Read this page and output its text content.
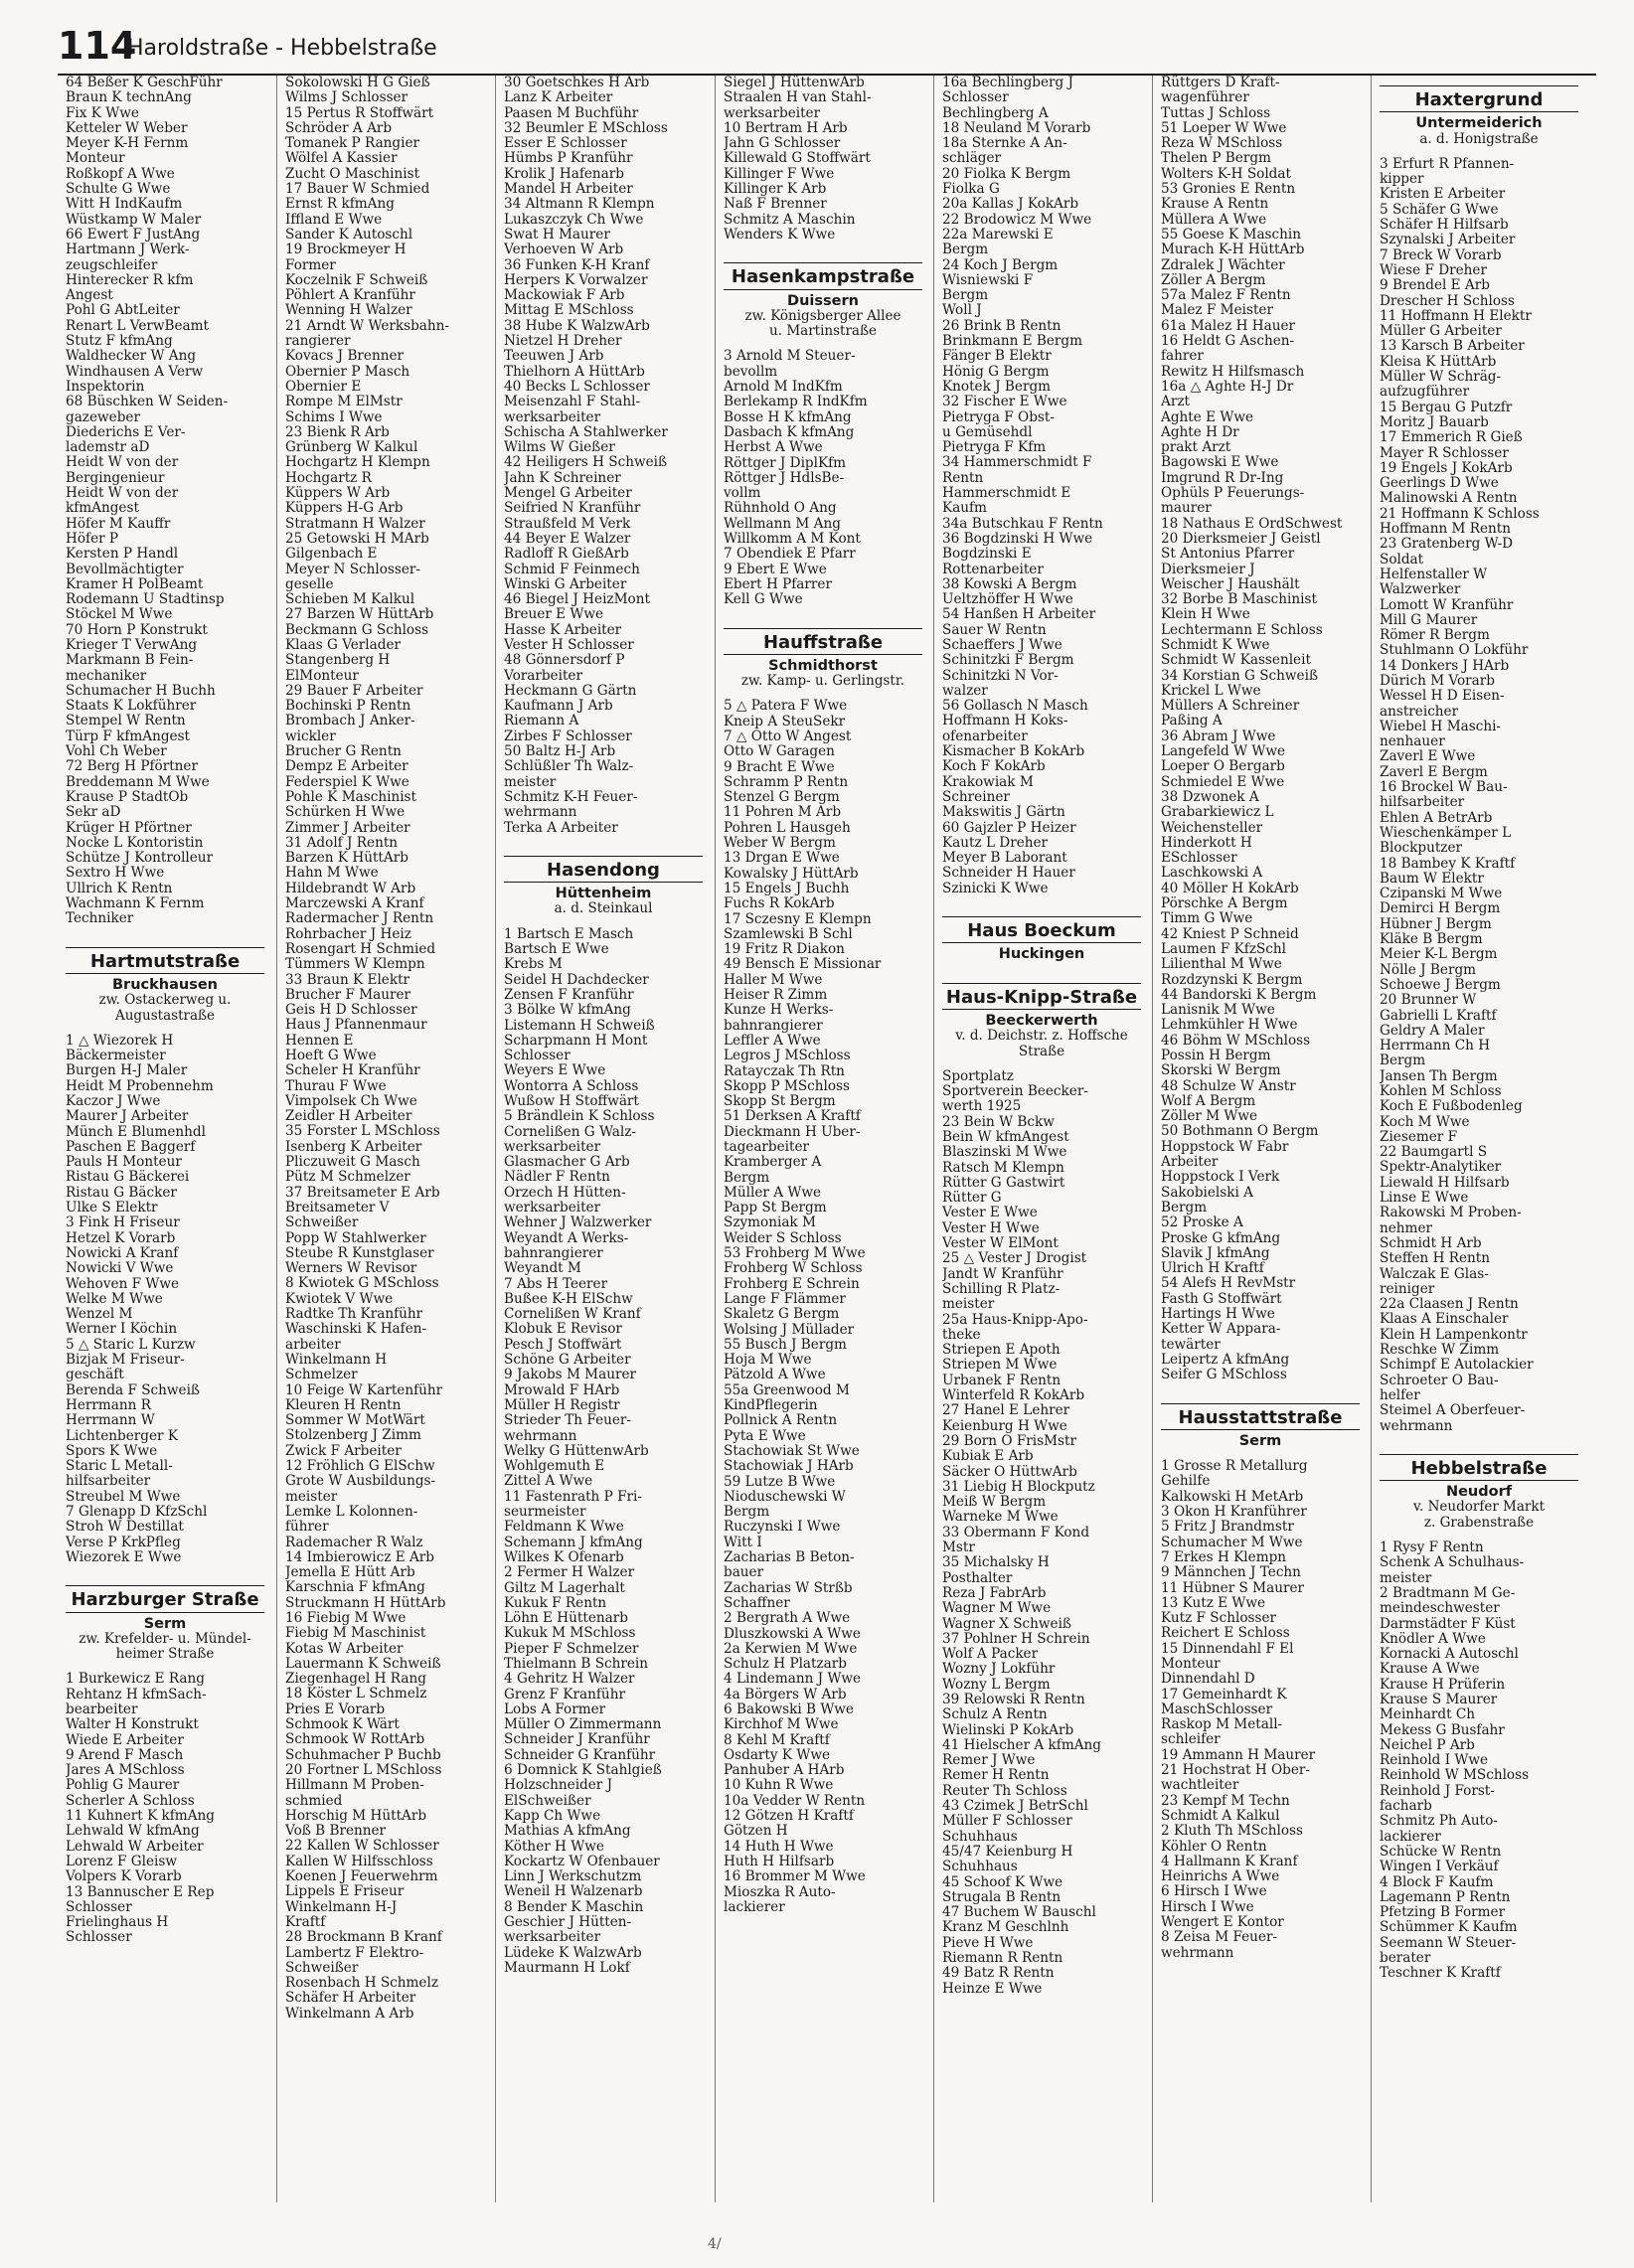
114
Haroldstraße - Hebbelstraße
64 Beßer K GeschFühr
Braun K technAng
Fix K Wwe
Ketteler W Weber
Meyer K-H Fernm
Monteur
Roßkopf A Wwe
Schulte G Wwe
Witt H IndKaufm
Wüstkamp W Maler
66 Ewert F JustAng
Hartmann J Werk-
zeugschleifer
Hinterecker R kfm
Angest
Pohl G AbtLeiter
Renart L VerwBeamt
Stutz F kfmAng
Waldhecker W Ang
Windhausen A Verw
Inspektorin
68 Büschken W Seiden-
gazeweber
Diederichs E Ver-
lademstr aD
Heidt W von der
Bergingenieur
Heidt W von der
kfmAngest
Höfer M Kauffr
Höfer P
Kersten P Handl
Bevollmächtigter
Kramer H PolBeamt
Rodemann U Stadtinsp
Stöckel M Wwe
70 Horn P Konstrukt
Krieger T VerwAng
Markmann B Fein-
mechaniker
Schumacher H Buchh
Staats K Lokführer
Stempel W Rentn
Türp F kfmAngest
Vohl Ch Weber
72 Berg H Pförtner
Breddemann M Wwe
Krause P StadtOb
Sekr aD
Krüger H Pförtner
Nocke L Kontoristin
Schütze J Kontrolleur
Sextro H Wwe
Ullrich K Rentn
Wachmann K Fernm
Techniker
Hartmutstraße
Bruckhausen
zw. Ostackerweg u.
Augustastraße
1 △ Wiezorek H
Bäckermeister
Burgen H-J Maler
Heidt M Probennehm
Kaczor J Wwe
Maurer J Arbeiter
Münch E Blumenhdl
Paschen E Baggerf
Pauls H Monteur
Ristau G Bäckerei
Ristau G Bäcker
Ulke S Elektr
3 Fink H Friseur
Hetzel K Vorarb
Nowicki A Kranf
Nowicki V Wwe
Wehoven F Wwe
Welke M Wwe
Wenzel M
Werner I Köchin
5 △ Staric L Kurzw
Bizjak M Friseur-
geschäft
Berenda F Schweiß
Herrmann R
Herrmann W
Lichtenberger K
Spors K Wwe
Staric L Metall-
hilfsarbeiter
Streubel M Wwe
7 Glenapp D KfzSchl
Stroh W Destillat
Verse P KrkPfleg
Wiezorek E Wwe
Harzburger Straße
Serm
zw. Krefelder- u. Mündel-
heimer Straße
1 Burkewicz E Rang
Rehtanz H kfmSach-
bearbeiter
Walter H Konstrukt
Wiede E Arbeiter
9 Arend F Masch
Jares A MSchloss
Pohlig G Maurer
Scherler A Schloss
11 Kuhnert K kfmAng
Lehwald W kfmAng
Lehwald W Arbeiter
Lorenz F Gleisw
Volpers K Vorarb
13 Bannuscher E Rep
Schlosser
Frielinghaus H
Schlosser
Sokolowski H G Gieß
Wilms J Schlosser
15 Pertus R Stoffwärt
Schröder A Arb
Tomanek P Rangier
Wölfel A Kassier
Zucht O Maschinist
17 Bauer W Schmied
Ernst R kfmAng
Iffland E Wwe
Sander K Autoschl
19 Brockmeyer H
Former
Koczelnik F Schweiß
Pöhlert A Kranführ
Wenning H Walzer
21 Arndt W Werksbahn-
rangierer
Kovacs J Brenner
Obernier P Masch
Obernier E
Rompe M ElMstr
Schims I Wwe
23 Bienk R Arb
Grünberg W Kalkul
Hochgartz H Klempn
Hochgartz R
Küppers W Arb
Küppers H-G Arb
Stratmann H Walzer
25 Getowski H MArb
Gilgenbach E
Meyer N Schlosser-
geselle
Schieben M Kalkul
27 Barzen W HüttArb
Beckmann G Schloss
Klaas G Verlader
Stangenberg H
ElMonteur
29 Bauer F Arbeiter
Bochinski P Rentn
Brombach J Anker-
wickler
Brucher G Rentn
Dempz E Arbeiter
Federspiel K Wwe
Pohle K Maschinist
Schürken H Wwe
Zimmer J Arbeiter
31 Adolf J Rentn
Barzen K HüttArb
Hahn M Wwe
Hildebrandt W Arb
Marczewski A Kranf
Radermacher J Rentn
Rohrbacher J Heiz
Rosengart H Schmied
Tümmers W Klempn
33 Braun K Elektr
Brucher F Maurer
Geis H D Schlosser
Haus J Pfannenmaur
Hennen E
Hoeft G Wwe
Scheler H Kranführ
Thurau F Wwe
Vimpolsek Ch Wwe
Zeidler H Arbeiter
35 Forster L MSchloss
Isenberg K Arbeiter
Pliczuweit G Masch
Pütz M Schmelzer
37 Breitsameter E Arb
Breitsameter V
Schweißer
Popp W Stahlwerker
Steube R Kunstglaser
Werners W Revisor
8 Kwiotek G MSchloss
Kwiotek V Wwe
Radtke Th Kranführ
Waschinski K Hafen-
arbeiter
Winkelmann H
Schmelzer
10 Feige W Kartenführ
Kleuren H Rentn
Sommer W MotWärt
Stolzenberg J Zimm
Zwick F Arbeiter
12 Fröhlich G ElSchw
Grote W Ausbildungs-
meister
Lemke L Kolonnen-
führer
Rademacher R Walz
14 Imbierowicz E Arb
Jemella E Hütt Arb
Karschnia F kfmAng
Struckmann H HüttArb
16 Fiebig M Wwe
Fiebig M Maschinist
Kotas W Arbeiter
Lauermann K Schweiß
Ziegenhagel H Rang
18 Köster L Schmelz
Pries E Vorarb
Schmook K Wärt
Schmook W RottArb
Schuhmacher P Buchb
20 Fortner L MSchloss
Hillmann M Proben-
schmied
Horschig M HüttArb
Voß B Brenner
22 Kallen W Schlosser
Kallen W Hilfsschloss
Koenen J Feuerwehrm
Lippels E Friseur
Winkelmann H-J
Kraftf
28 Brockmann B Kranf
Lambertz F Elektro-
Schweißer
Rosenbach H Schmelz
Schäfer H Arbeiter
Winkelmann A Arb
30 Goetschkes H Arb
Lanz K Arbeiter
Paasen M Buchführ
32 Beumler E MSchloss
Esser E Schlosser
Hümbs P Kranführ
Krolik J Hafenarb
Mandel H Arbeiter
34 Altmann R Klempn
Lukaszczyk Ch Wwe
Swat H Maurer
Verhoeven W Arb
36 Funken K-H Kranf
Herpers K Vorwalzer
Mackowiak F Arb
Mittag E MSchloss
38 Hube K WalzwArb
Nietzel H Dreher
Teeuwen J Arb
Thielhorn A HüttArb
40 Becks L Schlosser
Meisenzahl F Stahl-
werksarbeiter
Schischa A Stahlwerker
Wilms W Gießer
42 Heiligers H Schweiß
Jahn K Schreiner
Mengel G Arbeiter
Seifried N Kranführ
Straußfeld M Verk
44 Beyer E Walzer
Radloff R GießArb
Schmid F Feinmech
Winski G Arbeiter
46 Biegel J HeizMont
Breuer E Wwe
Hasse K Arbeiter
Vester H Schlosser
48 Gönnersdorf P
Vorarbeiter
Heckmann G Gärtn
Kaufmann J Arb
Riemann A
Zirbes F Schlosser
50 Baltz H-J Arb
Schlüßler Th Walz-
meister
Schmitz K-H Feuer-
wehrmann
Terka A Arbeiter
Hasendong
Hüttenheim
a. d. Steinkaul
1 Bartsch E Masch
Bartsch E Wwe
Krebs M
Seidel H Dachdecker
Zensen F Kranführ
3 Bölke W kfmAng
Listemann H Schweiß
Scharpmann H Mont
Schlosser
Weyers E Wwe
Wontorra A Schloss
Wußow H Stoffwärt
5 Brändlein K Schloss
Cornelißen G Walz-
werksarbeiter
Glasmacher G Arb
Nädler F Rentn
Orzech H Hütten-
werksarbeiter
Wehner J Walzwerker
Weyandt A Werks-
bahnrangierer
Weyandt M
7 Abs H Teerer
Bußee K-H ElSchw
Cornelißen W Kranf
Klobuk E Revisor
Pesch J Stoffwärt
Schöne G Arbeiter
9 Jakobs M Maurer
Mrowald F HArb
Müller H Registr
Strieder Th Feuer-
wehrmann
Welky G HüttenwArb
Wohlgemuth E
Zittel A Wwe
11 Fastenrath P Fri-
seurmeister
Feldmann K Wwe
Schemann J kfmAng
Wilkes K Ofenarb
2 Fermer H Walzer
Giltz M Lagerhalt
Kukuk F Rentn
Löhn E Hüttenarb
Kukuk M MSchloss
Pieper F Schmelzer
Thielmann B Schrein
4 Gehritz H Walzer
Grenz F Kranführ
Lobs A Former
Müller O Zimmermann
Schneider J Kranführ
Schneider G Kranführ
6 Domnick K Stahlgieß
Holzschneider J
ElSchweißer
Kapp Ch Wwe
Mathias A kfmAng
Köther H Wwe
Kockartz W Ofenbauer
Linn J Werkschutzm
Weneil H Walzenarb
8 Bender K Maschin
Geschier J Hütten-
werksarbeiter
Lüdeke K WalzwArb
Maurmann H Lokf
Siegel J HüttenwArb
Straalen H van Stahl-
werksarbeiter
10 Bertram H Arb
Jahn G Schlosser
Killewald G Stoffwärt
Killinger F Wwe
Killinger K Arb
Naß F Brenner
Schmitz A Maschin
Wenders K Wwe
Hasenkampstraße
Duissern
zw. Königsberger Allee
u. Martinstraße
3 Arnold M Steuer-
bevollm
Arnold M IndKfm
Berlekamp R IndKfm
Bosse H K kfmAng
Dasbach K kfmAng
Herbst A Wwe
Röttger J DiplKfm
Röttger J HdlsBe-
vollm
Rühnhold O Ang
Wellmann M Ang
Willkomm A M Kont
7 Obendiek E Pfarr
9 Ebert E Wwe
Ebert H Pfarrer
Kell G Wwe
Hauffstraße
Schmidthorst
zw. Kamp- u. Gerlingstr.
5 △ Patera F Wwe
Kneip A SteuSekr
7 △ Otto W Angest
Otto W Garagen
9 Bracht E Wwe
Schramm P Rentn
Stenzel G Bergm
11 Pohren M Arb
Pohren L Hausgeh
Weber W Bergm
13 Drgan E Wwe
Kowalsky J HüttArb
15 Engels J Buchh
Fuchs R KokArb
17 Sczesny E Klempn
Szamlewski B Schl
19 Fritz R Diakon
49 Bensch E Missionar
Haller M Wwe
Heiser R Zimm
Kunze H Werks-
bahnrangierer
Leffler A Wwe
Legros J MSchloss
Ratayczak Th Rtn
Skopp P MSchloss
Skopp St Bergm
51 Derksen A Kraftf
Dieckmann H Über-
tagearbeiter
Kramberger A
Bergm
Müller A Wwe
Papp St Bergm
Szymoniak M
Weider S Schloss
53 Frohberg M Wwe
Frohberg W Schloss
Frohberg E Schrein
Lange F Flämmer
Skaletz G Bergm
Wolsing J Müllader
55 Busch J Bergm
Hoja M Wwe
Pätzold A Wwe
55a Greenwood M
KindPflegerin
Pollnick A Rentn
Pyta E Wwe
Stachowiak St Wwe
Stachowiak J HArb
59 Lutze B Wwe
Nioduschewski W
Bergm
Ruczynski I Wwe
Witt I
Zacharias B Beton-
bauer
Zacharias W Strßb
Schaffner
2 Bergrath A Wwe
Dluszkowski A Wwe
2a Kerwien M Wwe
Schulz H Platzarb
4 Lindemann J Wwe
4a Börgers W Arb
6 Bakowski B Wwe
Kirchhof M Wwe
8 Kehl M Kraftf
Osdarty K Wwe
Panhuber A HArb
10 Kuhn R Wwe
10a Vedder W Rentn
12 Götzen H Kraftf
Götzen H
14 Huth H Wwe
Huth H Hilfsarb
16 Brommer M Wwe
Mioszka R Auto-
lackierer
16a Bechlingberg J
Schlosser
Bechlingberg A
18 Neuland M Vorarb
18a Sternke A An-
schläger
20 Fiolka K Bergm
Fiolka G
20a Kallas J KokArb
22 Brodowicz M Wwe
22a Marewski E
Bergm
24 Koch J Bergm
Wisniewski F
Bergm
Woll J
26 Brink B Rentn
Brinkmann E Bergm
Fänger B Elektr
Hönig G Bergm
Knotek J Bergm
32 Fischer E Wwe
Pietryga F Obst-
u Gemüsehdl
Pietryga F Kfm
34 Hammerschmidt F
Rentn
Hammerschmidt E
Kaufm
34a Butschkau F Rentn
36 Bogdzinski H Wwe
Bogdzinski E
Rottenarbeiter
38 Kowski A Bergm
Ueltzhöffer H Wwe
54 Hanßen H Arbeiter
Sauer W Rentn
Schaeffers J Wwe
Schinitzki F Bergm
Schinitzki N Vor-
walzer
56 Gollasch N Masch
Hoffmann H Koks-
ofenarbeiter
Kismacher B KokArb
Koch F KokArb
Krakowiak M
Schreiner
Makswitis J Gärtn
60 Gajzler P Heizer
Kautz L Dreher
Meyer B Laborant
Schneider H Hauer
Szinicki K Wwe
Haus Boeckum
Huckingen
Haus-Knipp-Straße
Beeckerwerth
v. d. Deichstr. z. Hoffsche
Straße
Sportplatz
Sportverein Beecker-
werth 1925
23 Bein W Bckw
Bein W kfmAngest
Blaszinski M Wwe
Ratsch M Klempn
Rütter G Gastwirt
Rütter G
Vester E Wwe
Vester H Wwe
Vester W ElMont
25 △ Vester J Drogist
Jandt W Kranführ
Schilling R Platz-
meister
25a Haus-Knipp-Apo-
theke
Striepen E Apoth
Striepen M Wwe
Urbanek F Rentn
Winterfeld R KokArb
27 Hanel E Lehrer
Keienburg H Wwe
29 Born O FrisMstr
Kubiak E Arb
Säcker O HüttwArb
31 Liebig H Blockputz
Meiß W Bergm
Warneke M Wwe
33 Obermann F Kond
Mstr
35 Michalsky H
Posthalter
Reza J FabrArb
Wagner M Wwe
Wagner X Schweiß
37 Pohlner H Schrein
Wolf A Packer
Wozny J Lokführ
Wozny L Bergm
39 Relowski R Rentn
Schulz A Rentn
Wielinski P KokArb
41 Hielscher A kfmAng
Remer J Wwe
Remer H Rentn
Reuter Th Schloss
43 Czimek J BetrSchl
Müller F Schlosser
Schuhhaus
45/47 Keienburg H
Schuhhaus
45 Schoof K Wwe
Strugala B Rentn
47 Buchem W Bauschl
Kranz M Geschlnh
Pieve H Wwe
Riemann R Rentn
49 Batz R Rentn
Heinze E Wwe
Rüttgers D Kraft-
wagenführer
Tuttas J Schloss
51 Loeper W Wwe
Reza W MSchloss
Thelen P Bergm
Wolters K-H Soldat
53 Gronies E Rentn
Krause A Rentn
Müllera A Wwe
55 Goese K Maschin
Murach K-H HüttArb
Zdralek J Wächter
Zöller A Bergm
57a Malez F Rentn
Malez F Meister
61a Malez H Hauer
16 Heldt G Aschen-
fahrer
Rewitz H Hilfsmasch
16a △ Aghte H-J Dr
Arzt
Aghte E Wwe
Aghte H Dr
prakt Arzt
Bagowski E Wwe
Imgrund R Dr-Ing
Ophüls P Feuerungs-
maurer
18 Nathaus E OrdSchwest
20 Dierksmeier J Geistl
St Antonius Pfarrer
Dierksmeier J
Weischer J Haushält
32 Borbe B Maschinist
Klein H Wwe
Lechtermann E Schloss
Schmidt K Wwe
Schmidt W Kassenleit
34 Korstian G Schweiß
Krickel L Wwe
Müllers A Schreiner
Paßing A
36 Abram J Wwe
Langefeld W Wwe
Loeper O Bergarb
Schmiedel E Wwe
38 Dzwonek A
Grabarkiewicz L
Weichensteller
Hinderkott H
ESchlosser
Laschkowski A
40 Möller H KokArb
Pörschke A Bergm
Timm G Wwe
42 Kniest P Schneid
Laumen F KfzSchl
Lilienthal M Wwe
Rozdzynski K Bergm
44 Bandorski K Bergm
Lanisnik M Wwe
Lehmkühler H Wwe
46 Böhm W MSchloss
Possin H Bergm
Skorski W Bergm
48 Schulze W Anstr
Wolf A Bergm
Zöller M Wwe
50 Bothmann O Bergm
Hoppstock W Fabr
Arbeiter
Hoppstock I Verk
Sakobielski A
Bergm
52 Proske A
Proske G kfmAng
Slavik J kfmAng
Ulrich H Kraftf
54 Alefs H RevMstr
Fasth G Stoffwärt
Hartings H Wwe
Ketter W Appara-
tewärter
Leipertz A kfmAng
Seifer G MSchloss
Hausstattstraße
Serm
1 Grosse R Metallurg
Gehilfe
Kalkowski H MetArb
3 Okon H Kranführer
5 Fritz J Brandmstr
Schumacher M Wwe
7 Erkes H Klempn
9 Männchen J Techn
11 Hübner S Maurer
13 Kutz E Wwe
Kutz F Schlosser
Reichert E Schloss
15 Dinnendahl F El
Monteur
Dinnendahl D
17 Gemeinhardt K
MaschSchlosser
Raskop M Metall-
schleifer
19 Ammann H Maurer
21 Hochstrat H Ober-
wachtleiter
23 Kempf M Techn
Schmidt A Kalkul
2 Kluth Th MSchloss
Köhler O Rentn
4 Hallmann K Kranf
Heinrichs A Wwe
6 Hirsch I Wwe
Hirsch I Wwe
Wengert E Kontor
8 Zeisa M Feuer-
wehrmann
Haxtergrund
Untermeiderich
a. d. Honigstraße
3 Erfurt R Pfannen-
kipper
Kristen E Arbeiter
5 Schäfer G Wwe
Schäfer H Hilfsarb
Szynalski J Arbeiter
7 Breck W Vorarb
Wiese F Dreher
9 Brendel E Arb
Drescher H Schloss
11 Hoffmann H Elektr
Müller G Arbeiter
13 Karsch B Arbeiter
Kleisa K HüttArb
Müller W Schräg-
aufzugführer
15 Bergau G Putzfr
Moritz J Bauarb
17 Emmerich R Gieß
Mayer R Schlosser
19 Engels J KokArb
Geerlings D Wwe
Malinowski A Rentn
21 Hoffmann K Schloss
Hoffmann M Rentn
23 Gratenberg W-D
Soldat
Helfenstaller W
Walzwerker
Lomott W Kranführ
Mill G Maurer
Römer R Bergm
Stuhlmann O Lokführ
14 Donkers J HArb
Dürich M Vorarb
Wessel H D Eisen-
anstreicher
Wiebel H Maschi-
nenhauer
Zaverl E Wwe
Zaverl E Bergm
16 Brockel W Bau-
hilfsarbeiter
Ehlen A BetrArb
Wieschenkämper L
Blockputzer
18 Bambey K Kraftf
Baum W Elektr
Czipanski M Wwe
Demirci H Bergm
Hübner J Bergm
Kläke B Bergm
Meier K-L Bergm
Nölle J Bergm
Schoewe J Bergm
20 Brunner W
Gabrielli L Kraftf
Geldry A Maler
Herrmann Ch H
Bergm
Jansen Th Bergm
Kohlen M Schloss
Koch E Fußbodenleg
Koch M Wwe
Ziesemer F
22 Baumgartl S
Spektr-Analytiker
Liewald H Hilfsarb
Linse E Wwe
Rakowski M Proben-
nehmer
Schmidt H Arb
Steffen H Rentn
Walczak E Glas-
reiniger
22a Claasen J Rentn
Klaas A Einschaler
Klein H Lampenkontr
Reschke W Zimm
Schimpf E Autolackier
Schroeter O Bau-
helfer
Steimel A Oberfeuer-
wehrmann
Hebbelstraße
Neudorf
v. Neudorfer Markt
z. Grabenstraße
1 Rysy F Rentn
Schenk A Schulhaus-
meister
2 Bradtmann M Ge-
meindeschwester
Darmstädter F Küst
Knödler A Wwe
Kornacki A Autoschl
Krause A Wwe
Krause H Prüferin
Krause S Maurer
Meinhardt Ch
Mekess G Busfahr
Neichel P Arb
Reinhold I Wwe
Reinhold W MSchloss
Reinhold J Forst-
facharb
Schmitz Ph Auto-
lackierer
Schücke W Rentn
Wingen I Verkäuf
4 Block F Kaufm
Lagemann P Rentn
Pfetzing B Former
Schümmer K Kaufm
Seemann W Steuer-
berater
Teschner K Kraftf
4/
